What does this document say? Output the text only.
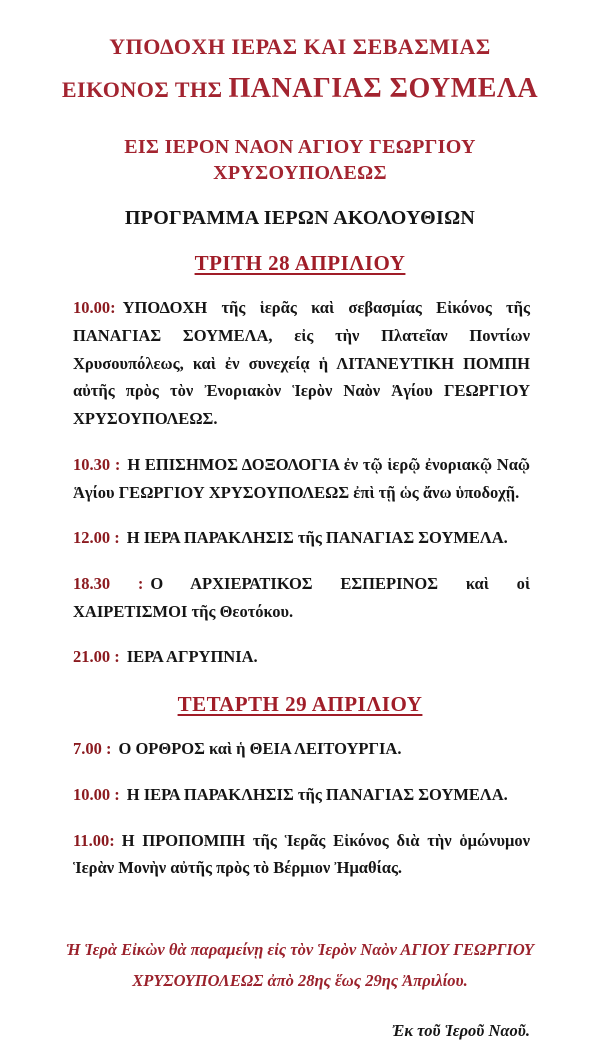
ΥΠΟΔΟΧΗ ΙΕΡΑΣ ΚΑΙ ΣΕΒΑΣΜΙΑΣ
ΕΙΚΟΝΟΣ ΤΗΣ ΠΑΝΑΓΙΑΣ ΣΟΥΜΕΛΑ
ΕΙΣ ΙΕΡΟΝ ΝΑΟΝ ΑΓΙΟΥ ΓΕΩΡΓΙΟΥ ΧΡΥΣΟΥΠΟΛΕΩΣ
ΠΡΟΓΡΑΜΜΑ ΙΕΡΩΝ ΑΚΟΛΟΥΘΙΩΝ
ΤΡΙΤΗ 28 ΑΠΡΙΛΙΟΥ

10.00: ΥΠΟΔΟΧΗ τῆς ἱερᾶς καὶ σεβασμίας Εἰκόνος τῆς ΠΑΝΑΓΙΑΣ ΣΟΥΜΕΛΑ, εἰς τὴν Πλατεῖαν Ποντίων Χρυσουπόλεως, καὶ ἐν συνεχείᾳ ἡ ΛΙΤΑΝΕΥΤΙΚΗ ΠΟΜΠΗ αὐτῆς πρὸς τὸν Ἐνοριακὸν Ἱερὸν Ναὸν Ἁγίου ΓΕΩΡΓΙΟΥ ΧΡΥΣΟΥΠΟΛΕΩΣ.

10.30 : Η ΕΠΙΣΗΜΟΣ ΔΟΞΟΛΟΓΙΑ ἐν τῷ ἱερῷ ἐνοριακῷ Ναῷ Ἁγίου ΓΕΩΡΓΙΟΥ ΧΡΥΣΟΥΠΟΛΕΩΣ ἐπὶ τῇ ὡς ἄνω ὑποδοχῇ.

12.00 : Η ΙΕΡΑ ΠΑΡΑΚΛΗΣΙΣ τῆς ΠΑΝΑΓΙΑΣ ΣΟΥΜΕΛΑ.

18.30 : Ο ΑΡΧΙΕΡΑΤΙΚΟΣ ΕΣΠΕΡΙΝΟΣ καὶ οἱ ΧΑΙΡΕΤΙΣΜΟΙ τῆς Θεοτόκου.

21.00 : ΙΕΡΑ ΑΓΡΥΠΝΙΑ.

ΤΕΤΑΡΤΗ 29 ΑΠΡΙΛΙΟΥ

7.00 : Ο ΟΡΘΡΟΣ καὶ ἡ ΘΕΙΑ ΛΕΙΤΟΥΡΓΙΑ.

10.00 : Η ΙΕΡΑ ΠΑΡΑΚΛΗΣΙΣ τῆς ΠΑΝΑΓΙΑΣ ΣΟΥΜΕΛΑ.

11.00: Η ΠΡΟΠΟΜΠΗ τῆς Ἱερᾶς Εἰκόνος διὰ τὴν ὁμώνυμον Ἱερὰν Μονὴν αὐτῆς πρὸς τὸ Βέρμιον Ἠμαθίας.

Ἡ Ἱερὰ Εἰκὼν θὰ παραμείνῃ εἰς τὸν Ἱερὸν Ναὸν ΑΓΙΟΥ ΓΕΩΡΓΙΟΥ ΧΡΥΣΟΥΠΟΛΕΩΣ ἀπὸ 28ης ἕως 29ης Ἀπριλίου.

Ἐκ τοῦ Ἱεροῦ Ναοῦ.
